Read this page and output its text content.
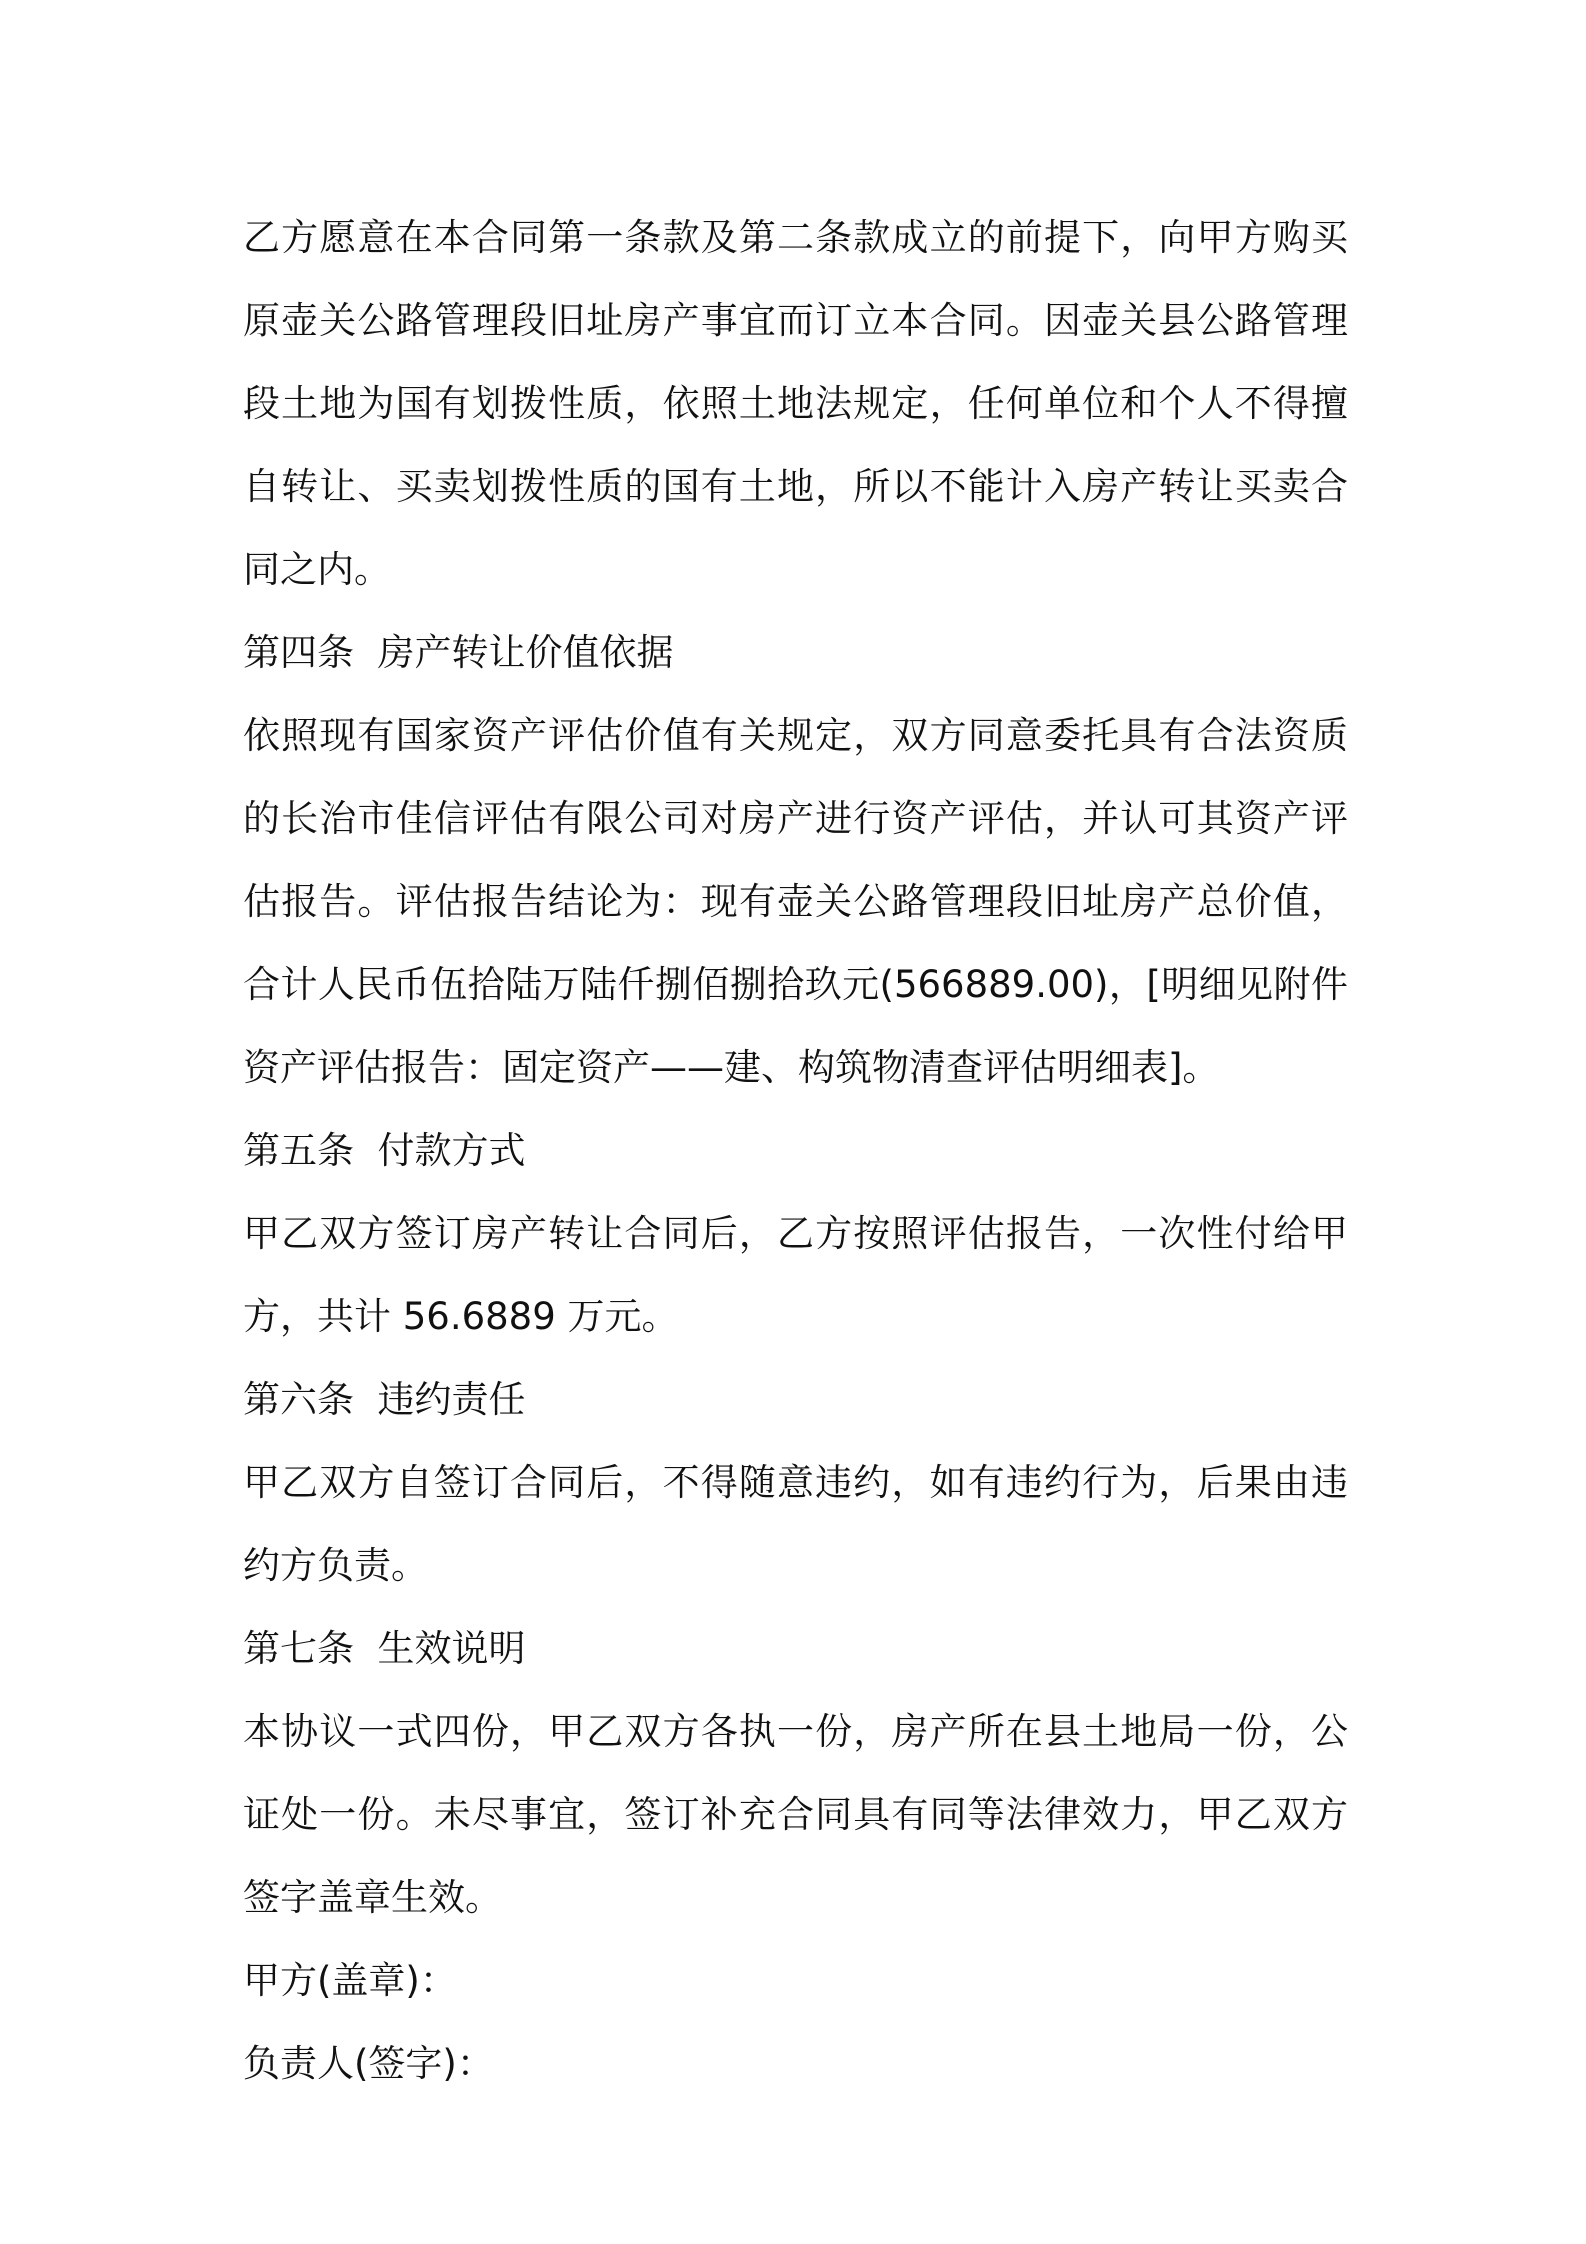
乙方愿意在本合同第一条款及第二条款成立的前提下，向甲方购买原壶关公路管理段旧址房产事宜而订立本合同。因壶关县公路管理段土地为国有划拨性质，依照土地法规定，任何单位和个人不得擅自转让、买卖划拨性质的国有土地，所以不能计入房产转让买卖合同之内。

第四条  房产转让价值依据

依照现有国家资产评估价值有关规定，双方同意委托具有合法资质的长治市佳信评估有限公司对房产进行资产评估，并认可其资产评估报告。评估报告结论为：现有壶关公路管理段旧址房产总价值，合计人民币伍拾陆万陆仟捌佰捌拾玖元(566889.00)，[明细见附件资产评估报告：固定资产——建、构筑物清查评估明细表]。

第五条  付款方式

甲乙双方签订房产转让合同后，乙方按照评估报告，一次性付给甲方，共计 56.6889 万元。

第六条  违约责任

甲乙双方自签订合同后，不得随意违约，如有违约行为，后果由违约方负责。

第七条  生效说明

本协议一式四份，甲乙双方各执一份，房产所在县土地局一份，公证处一份。未尽事宜，签订补充合同具有同等法律效力，甲乙双方签字盖章生效。

甲方(盖章)：

负责人(签字)：
